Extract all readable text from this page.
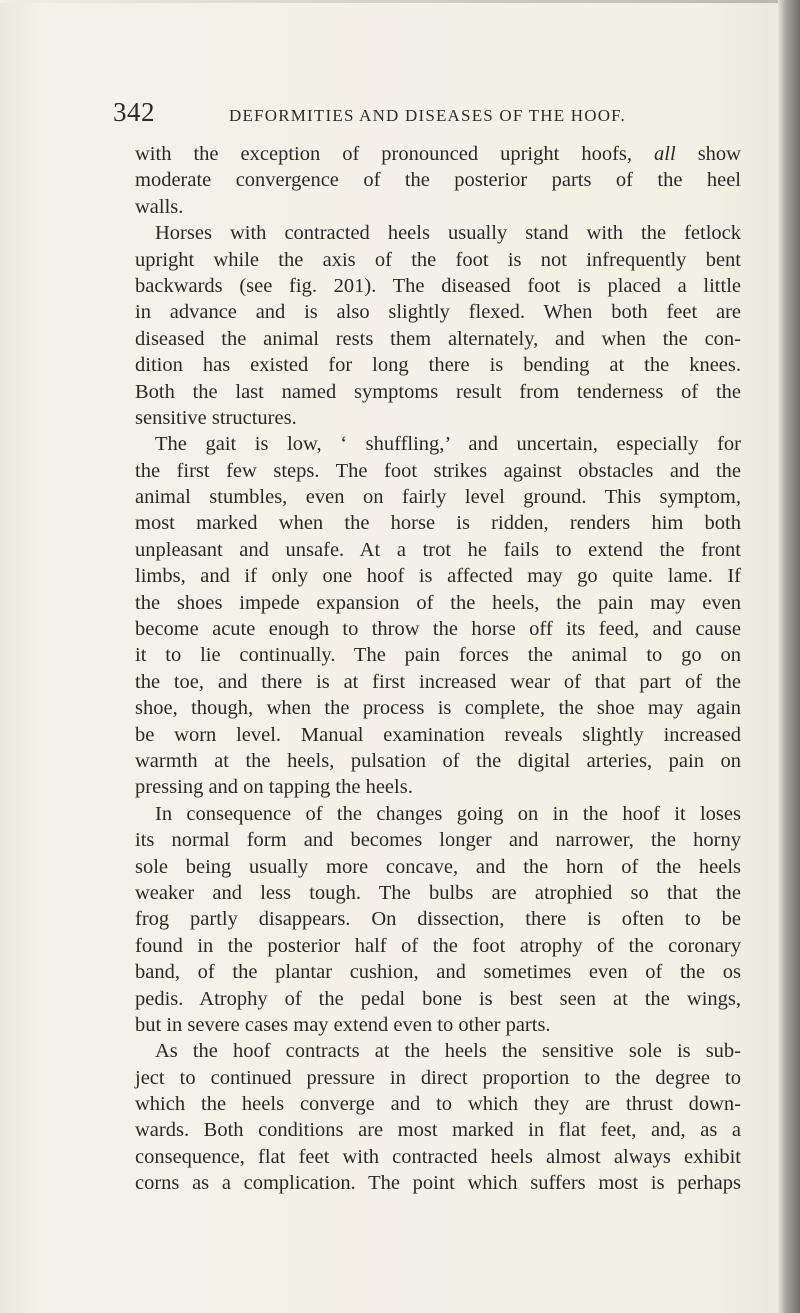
342	DEFORMITIES AND DISEASES OF THE HOOF.
with the exception of pronounced upright hoofs, all show
moderate convergence of the posterior parts of the heel
walls.
Horses with contracted heels usually stand with the fetlock
upright while the axis of the foot is not infrequently bent
backwards (see fig. 201). The diseased foot is placed a little
in advance and is also slightly flexed. When both feet are
diseased the animal rests them alternately, and when the con-
dition has existed for long there is bending at the knees.
Both the last named symptoms result from tenderness of the
sensitive structures.
The gait is low, ‘ shuffling,’ and uncertain, especially for
the first few steps. The foot strikes against obstacles and the
animal stumbles, even on fairly level ground. This symptom,
most marked when the horse is ridden, renders him both
unpleasant and unsafe. At a trot he fails to extend the front
limbs, and if only one hoof is affected may go quite lame. If
the shoes impede expansion of the heels, the pain may even
become acute enough to throw the horse off its feed, and cause
it to lie continually. The pain forces the animal to go on
the toe, and there is at first increased wear of that part of the
shoe, though, when the process is complete, the shoe may again
be worn level. Manual examination reveals slightly increased
warmth at the heels, pulsation of the digital arteries, pain on
pressing and on tapping the heels.
In consequence of the changes going on in the hoof it loses
its normal form and becomes longer and narrower, the horny
sole being usually more concave, and the horn of the heels
weaker and less tough. The bulbs are atrophied so that the
frog partly disappears. On dissection, there is often to be
found in the posterior half of the foot atrophy of the coronary
band, of the plantar cushion, and sometimes even of the os
pedis. Atrophy of the pedal bone is best seen at the wings,
but in severe cases may extend even to other parts.
As the hoof contracts at the heels the sensitive sole is sub-
ject to continued pressure in direct proportion to the degree to
which the heels converge and to which they are thrust down-
wards. Both conditions are most marked in flat feet, and, as a
consequence, flat feet with contracted heels almost always exhibit
corns as a complication. The point which suffers most is perhaps
